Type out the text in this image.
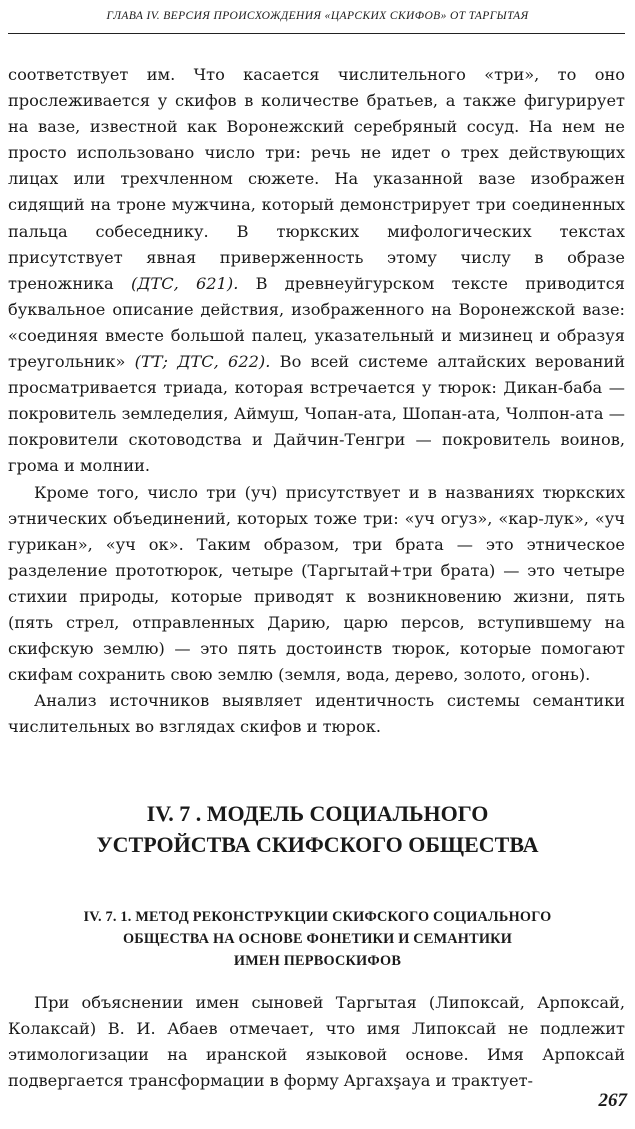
ГЛАВА IV. ВЕРСИЯ ПРОИСХОЖДЕНИЯ «ЦАРСКИХ СКИФОВ» ОТ ТАРГЫТАЯ

соответствует им. Что касается числительного «три», то оно прослеживается у скифов в количестве братьев, а также фигурирует на вазе, известной как Воронежский серебряный сосуд. На нем не просто использовано число три: речь не идет о трех действующих лицах или трехчленном сюжете. На указанной вазе изображен сидящий на троне мужчина, который демонстрирует три соединенных пальца собеседнику. В тюркских мифологических текстах присутствует явная приверженность этому числу в образе треножника (ДТС, 621). В древнеуйгурском тексте приводится буквальное описание действия, изображенного на Воронежской вазе: «соединяя вместе большой палец, указательный и мизинец и образуя треугольник» (ТТ; ДТС, 622). Во всей системе алтайских верований просматривается триада, которая встречается у тюрок: Дикан-баба — покровитель земледелия, Аймуш, Чопан-ата, Шопан-ата, Чолпон-ата — покровители скотоводства и Дайчин-Тенгри — покровитель воинов, грома и молнии.

Кроме того, число три (уч) присутствует и в названиях тюркских этнических объединений, которых тоже три: «уч огуз», «кар-лук», «уч гурикан», «уч ок». Таким образом, три брата — это этническое разделение прототюрок, четыре (Таргытай+три брата) — это четыре стихии природы, которые приводят к возникновению жизни, пять (пять стрел, отправленных Дарию, царю персов, вступившему на скифскую землю) — это пять достоинств тюрок, которые помогают скифам сохранить свою землю (земля, вода, дерево, золото, огонь).

Анализ источников выявляет идентичность системы семантики числительных во взглядах скифов и тюрок.

IV. 7 . МОДЕЛЬ СОЦИАЛЬНОГО
УСТРОЙСТВА СКИФСКОГО ОБЩЕСТВА
IV. 7. 1. МЕТОД РЕКОНСТРУКЦИИ СКИФСКОГО СОЦИАЛЬНОГО
ОБЩЕСТВА НА ОСНОВЕ ФОНЕТИКИ И СЕМАНТИКИ
ИМЕН ПЕРВОСКИФОВ

При объяснении имен сыновей Таргытая (Липоксай, Арпоксай, Колаксай) В. И. Абаев отмечает, что имя Липоксай не подлежит этимологизации на иранской языковой основе. Имя Арпоксай подвергается трансформации в форму Aргахşaуа и трактует-

267
